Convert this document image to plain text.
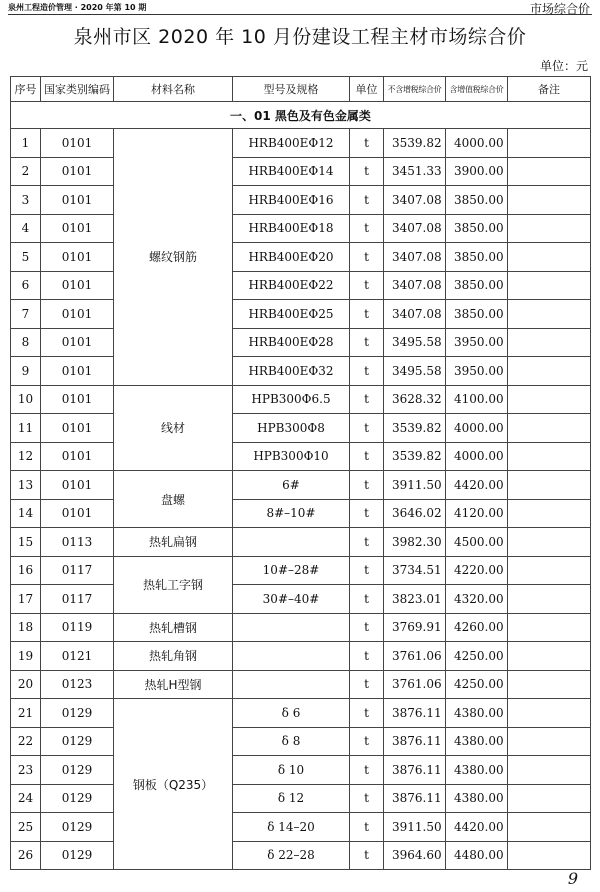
泉州工程造价管理 · 2020 年第 10 期	市场综合价
泉州市区 2020 年 10 月份建设工程主材市场综合价
单位：元
序号	国家类别编码	材料名称	型号及规格	单位	不含增税综合价	含增值税综合价	备注
一、01 黑色及有色金属类							
1	0101	螺纹钢筋	HRB400EΦ12	t	3539.82	4000.00	
2	0101		HRB400EΦ14	t	3451.33	3900.00	
3	0101		HRB400EΦ16	t	3407.08	3850.00	
4	0101		HRB400EΦ18	t	3407.08	3850.00	
5	0101		HRB400EΦ20	t	3407.08	3850.00	
6	0101		HRB400EΦ22	t	3407.08	3850.00	
7	0101		HRB400EΦ25	t	3407.08	3850.00	
8	0101		HRB400EΦ28	t	3495.58	3950.00	
9	0101		HRB400EΦ32	t	3495.58	3950.00	
10	0101	线材	HPB300Φ6.5	t	3628.32	4100.00	
11	0101		HPB300Φ8	t	3539.82	4000.00	
12	0101		HPB300Φ10	t	3539.82	4000.00	
13	0101	盘螺	6#	t	3911.50	4420.00	
14	0101		8#–10#	t	3646.02	4120.00	
15	0113	热轧扁钢		t	3982.30	4500.00	
16	0117	热轧工字钢	10#–28#	t	3734.51	4220.00	
17	0117		30#–40#	t	3823.01	4320.00	
18	0119	热轧槽钢		t	3769.91	4260.00	
19	0121	热轧角钢		t	3761.06	4250.00	
20	0123	热轧H型钢		t	3761.06	4250.00	
21	0129	钢板（Q235）	δ 6	t	3876.11	4380.00	
22	0129		δ 8	t	3876.11	4380.00	
23	0129		δ 10	t	3876.11	4380.00	
24	0129		δ 12	t	3876.11	4380.00	
25	0129		δ 14–20	t	3911.50	4420.00	
26	0129		δ 22–28	t	3964.60	4480.00	
9
